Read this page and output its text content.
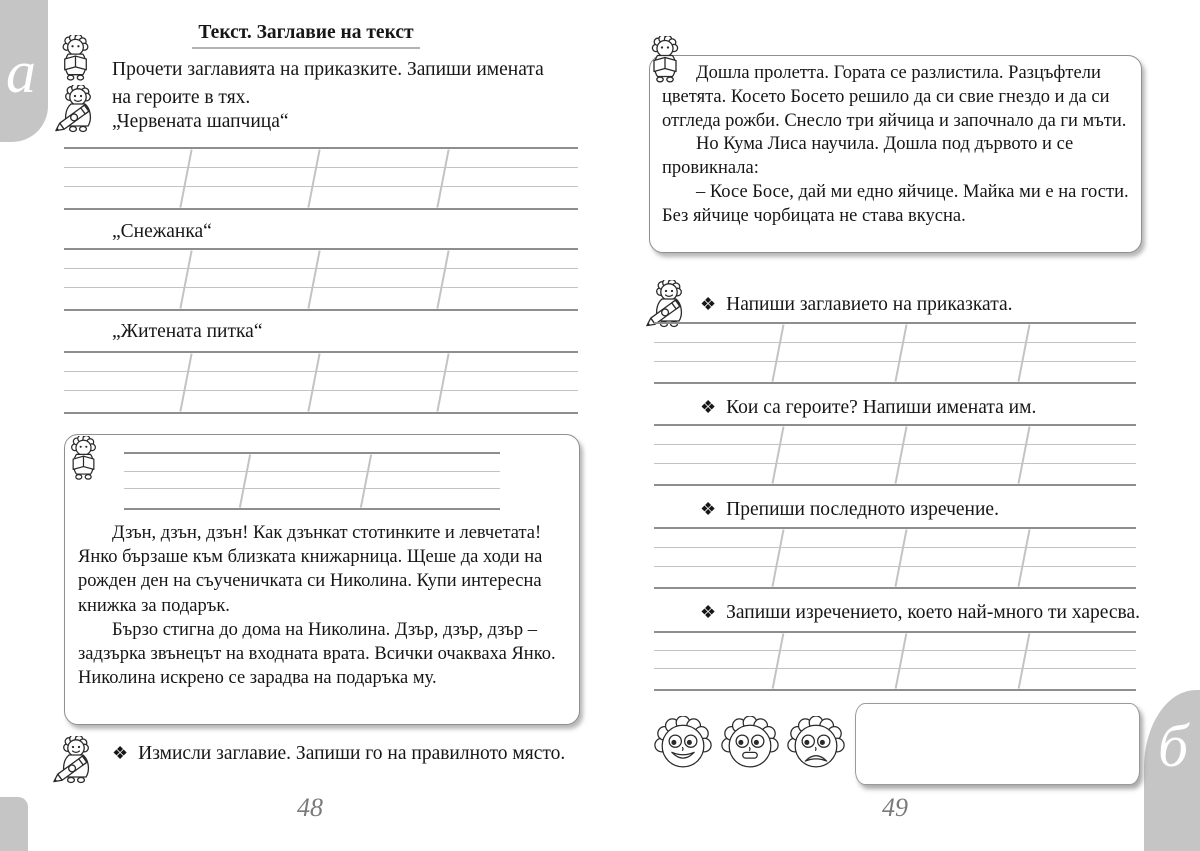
а
б
Текст. Заглавие на текст
Прочети заглавията на приказките. Запиши имената на героите в тях.
„Червената шапчица“
„Снежанка“
„Житената питка“

Дзън, дзън, дзън! Как дзънкат стотинките и левчетата! Янко бързаше към близката книжарница. Щеше да ходи на рожден ден на съученичката си Николина. Купи интересна книжка за подарък.

Бързо стигна до дома на Николина. Дзър, дзър, дзър – задзърка звънецът на входната врата. Всички очакваха Янко. Николина искрено се зарадва на подаръка му.

❖ Измисли заглавие. Запиши го на правилното място.
48

Дошла пролетта. Гората се разлистила. Разцъфтели цветята. Косето Босето решило да си свие гнездо и да си отгледа рожби. Снесло три яйчица и започнало да ги мъти.

Но Кума Лиса научила. Дошла под дървото и се провикнала:

– Косе Босе, дай ми едно яйчице. Майка ми е на гости. Без яйчице чорбицата не става вкусна.

❖ Напиши заглавието на приказката.
❖ Кои са героите? Напиши имената им.
❖ Препиши последното изречение.
❖ Запиши изречението, което най-много ти харесва.
49
